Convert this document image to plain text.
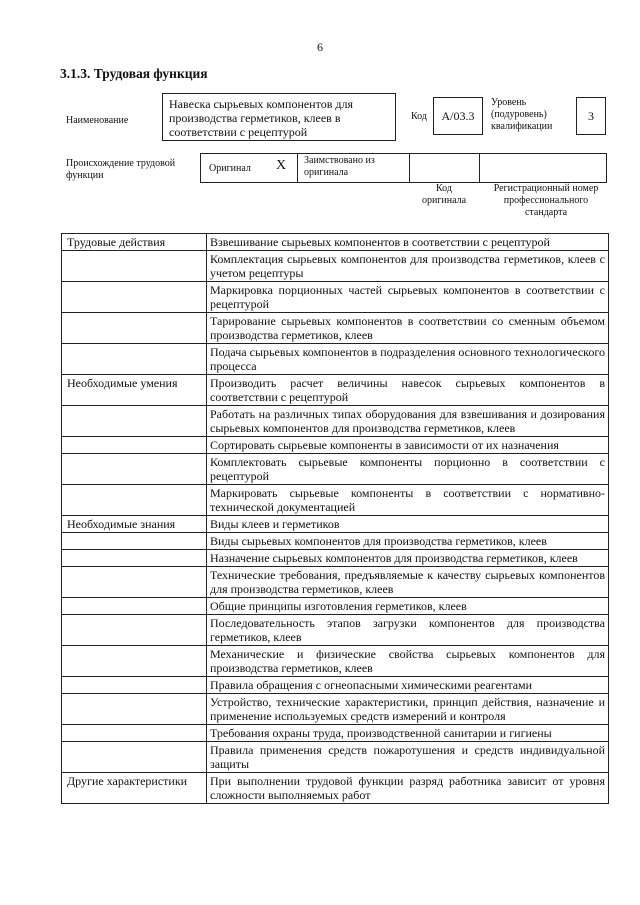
6
3.1.3. Трудовая функция
Наименование
Навеска сырьевых компонентов для производства герметиков, клеев в соответствии с рецептурой
Код	А/03.3
Уровень (подуровень) квалификации
3
Происхождение трудовой функции
Оригинал X Заимствовано из оригинала
Код оригинала
Регистрационный номер профессионального стандарта
Трудовые действия	Взвешивание сырьевых компонентов в соответствии с рецептурой
	Комплектация сырьевых компонентов для производства герметиков, клеев с учетом рецептуры
	Маркировка порционных частей сырьевых компонентов в соответствии с рецептурой
	Тарирование сырьевых компонентов в соответствии со сменным объемом производства герметиков, клеев
	Подача сырьевых компонентов в подразделения основного технологического процесса
Необходимые умения	Производить расчет величины навесок сырьевых компонентов в соответствии с рецептурой
	Работать на различных типах оборудования для взвешивания и дозирования сырьевых компонентов для производства герметиков, клеев
	Сортировать сырьевые компоненты в зависимости от их назначения
	Комплектовать сырьевые компоненты порционно в соответствии с рецептурой
	Маркировать сырьевые компоненты в соответствии с нормативно-технической документацией
Необходимые знания	Виды клеев и герметиков
	Виды сырьевых компонентов для производства герметиков, клеев
	Назначение сырьевых компонентов для производства герметиков, клеев
	Технические требования, предъявляемые к качеству сырьевых компонентов для производства герметиков, клеев
	Общие принципы изготовления герметиков, клеев
	Последовательность этапов загрузки компонентов для производства герметиков, клеев
	Механические и физические свойства сырьевых компонентов для производства герметиков, клеев
	Правила обращения с огнеопасными химическими реагентами
	Устройство, технические характеристики, принцип действия, назначение и применение используемых средств измерений и контроля
	Требования охраны труда, производственной санитарии и гигиены
	Правила применения средств пожаротушения и средств индивидуальной защиты
Другие характеристики	При выполнении трудовой функции разряд работника зависит от уровня сложности выполняемых работ
